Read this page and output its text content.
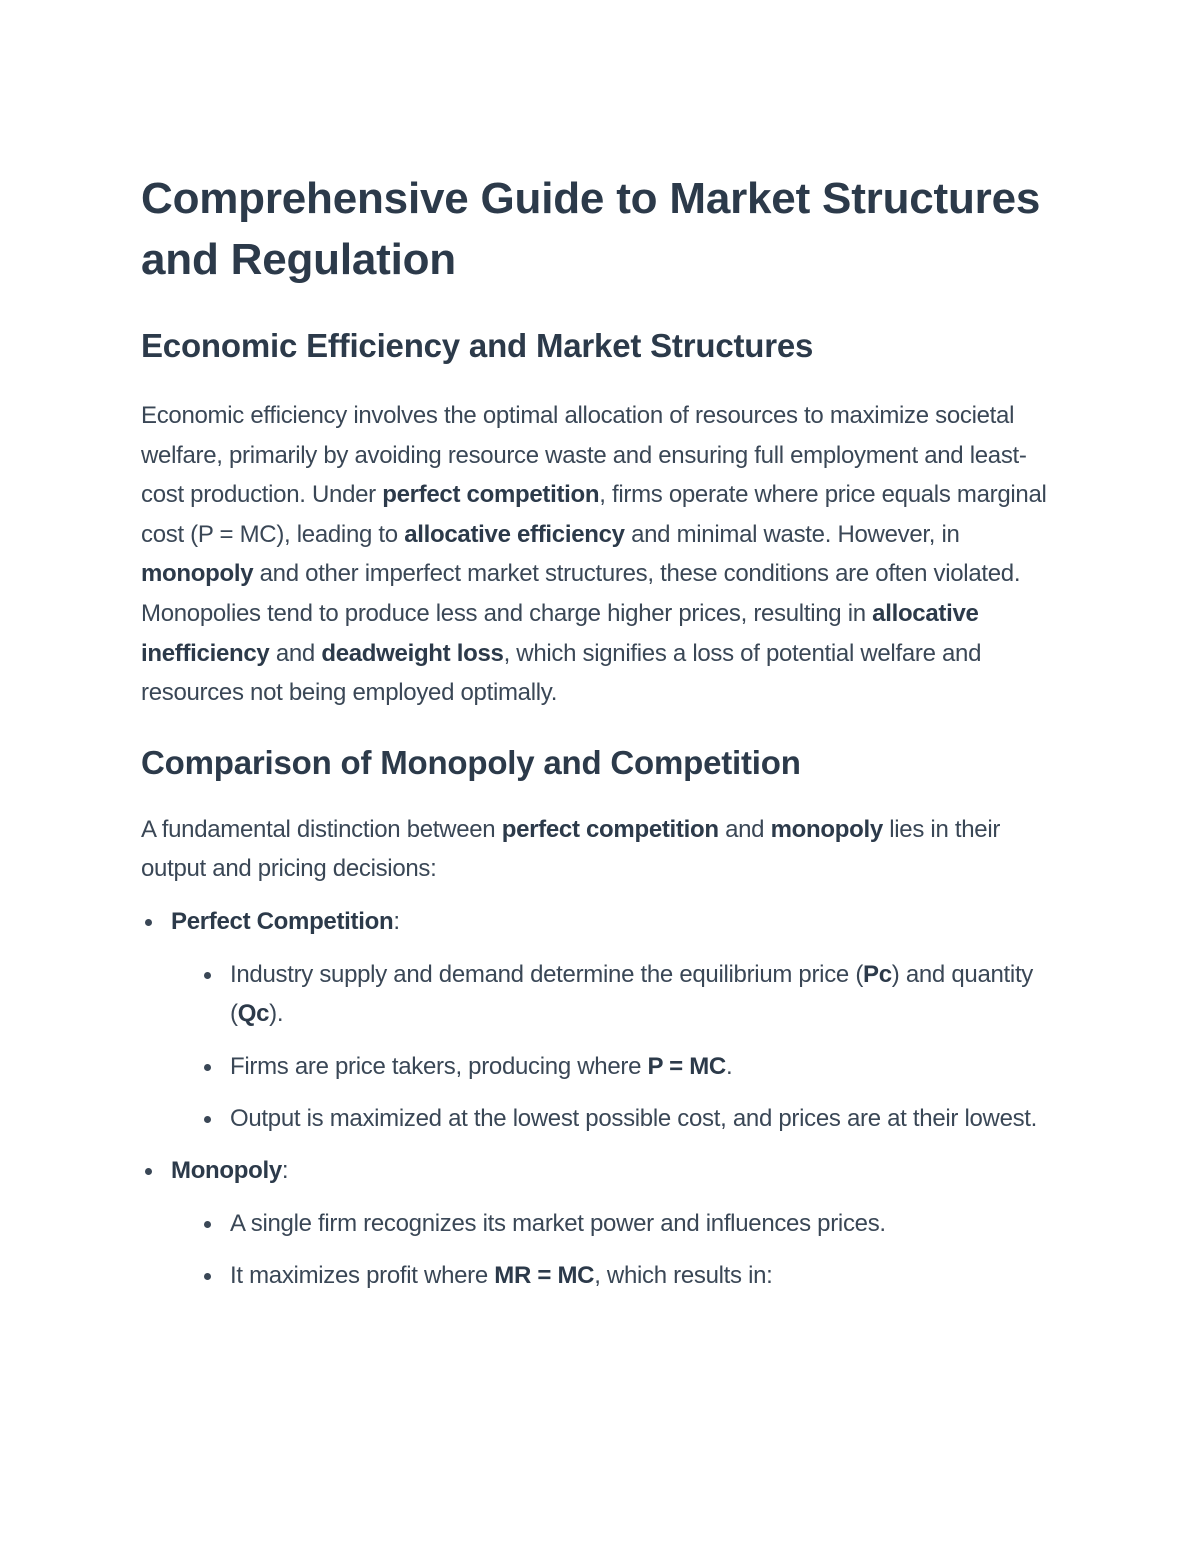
Comprehensive Guide to Market Structures and Regulation
Economic Efficiency and Market Structures

Economic efficiency involves the optimal allocation of resources to maximize societal welfare, primarily by avoiding resource waste and ensuring full employment and least-cost production. Under perfect competition, firms operate where price equals marginal cost (P = MC), leading to allocative efficiency and minimal waste. However, in monopoly and other imperfect market structures, these conditions are often violated. Monopolies tend to produce less and charge higher prices, resulting in allocative inefficiency and deadweight loss, which signifies a loss of potential welfare and resources not being employed optimally.

Comparison of Monopoly and Competition

A fundamental distinction between perfect competition and monopoly lies in their output and pricing decisions:

Perfect Competition:
Industry supply and demand determine the equilibrium price (Pc) and quantity (Qc).
Firms are price takers, producing where P = MC.
Output is maximized at the lowest possible cost, and prices are at their lowest.
Monopoly:
A single firm recognizes its market power and influences prices.
It maximizes profit where MR = MC, which results in:
